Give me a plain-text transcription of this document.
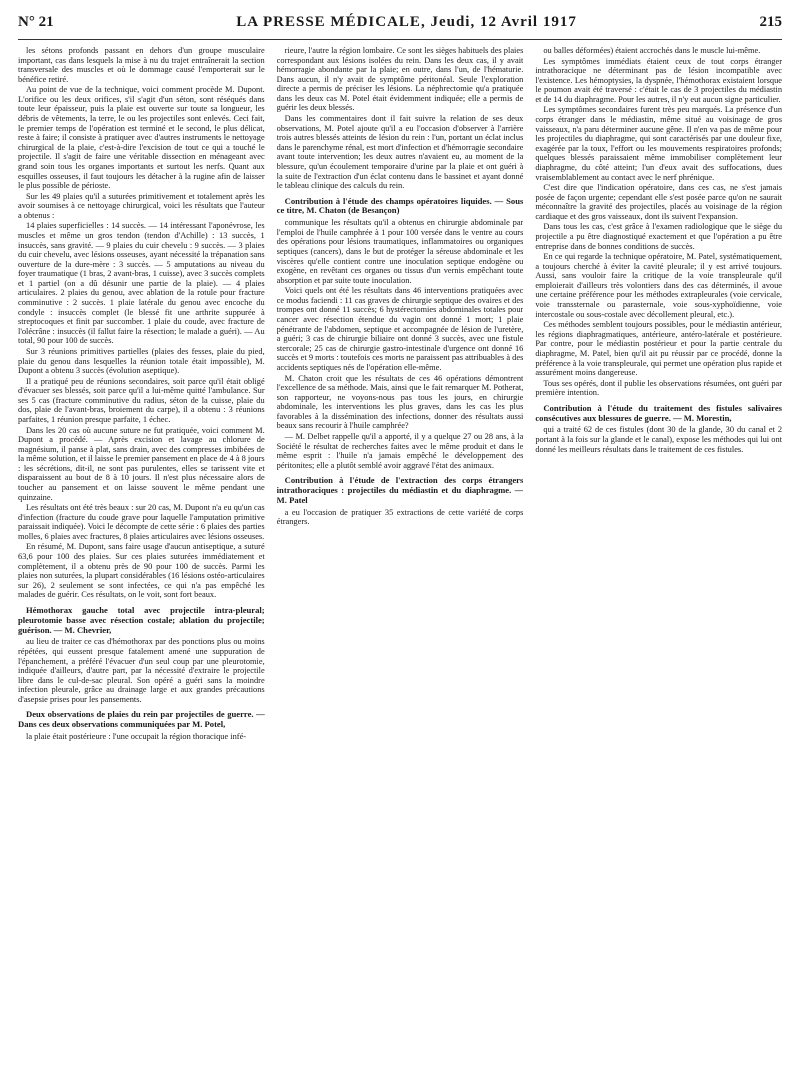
N° 21	LA PRESSE MÉDICALE, Jeudi, 12 Avril 1917	215

les sétons profonds passant en dehors d'un groupe musculaire important, cas dans lesquels la mise à nu du trajet entraînerait la section transversale des muscles et où le dommage causé l'emporterait sur le bénéfice retiré.

Au point de vue de la technique, voici comment procède M. Dupont. L'orifice ou les deux orifices, s'il s'agit d'un séton, sont réséqués dans toute leur épaisseur, puis la plaie est ouverte sur toute sa longueur, les débris de vêtements, la terre, le ou les projectiles sont enlevés. Ceci fait, le premier temps de l'opération est terminé et le second, le plus délicat, reste à faire; il consiste à pratiquer avec d'autres instruments le nettoyage chirurgical de la plaie, c'est-à-dire l'excision de tout ce qui a touché le projectile. Il s'agit de faire une véritable dissection en ménageant avec grand soin tous les organes importants et surtout les nerfs. Quant aux esquilles osseuses, il faut toujours les détacher à la rugine afin de laisser le plus possible de périoste.

Sur les 49 plaies qu'il a suturées primitivement et totalement après les avoir soumises à ce nettoyage chirurgical, voici les résultats que l'auteur a obtenus :

14 plaies superficielles : 14 succès. — 14 intéressant l'aponévrose, les muscles et même un gros tendon (tendon d'Achille) : 13 succès, 1 insuccès, sans gravité. — 9 plaies du cuir chevelu : 9 succès. — 3 plaies du cuir chevelu, avec lésions osseuses, ayant nécessité la trépanation sans ouverture de la dure-mère : 3 succès. — 5 amputations au niveau du foyer traumatique (1 bras, 2 avant-bras, 1 cuisse), avec 3 succès complets et 1 partiel (on a dû désunir une partie de la plaie). — 4 plaies articulaires. 2 plaies du genou, avec ablation de la rotule pour fracture comminutive : 2 succès. 1 plaie latérale du genou avec encoche du condyle : insuccès complet (le blessé fit une arthrite suppurée à streptocoques et finit par succomber. 1 plaie du coude, avec fracture de l'olécrâne : insuccès (il fallut faire la résection; le malade a guéri). — Au total, 90 pour 100 de succès.

Sur 3 réunions primitives partielles (plaies des fesses, plaie du pied, plaie du genou dans lesquelles la réunion totale était impossible), M. Dupont a obtenu 3 succès (évolution aseptique).

Il a pratiqué peu de réunions secondaires, soit parce qu'il était obligé d'évacuer ses blessés, soit parce qu'il a lui-même quitté l'ambulance. Sur ses 5 cas (fracture comminutive du radius, séton de la cuisse, plaie du dos, plaie de l'avant-bras, broiement du carpe), il a obtenu : 3 réunions parfaites, 1 réunion presque parfaite, 1 échec.

Dans les 20 cas où aucune suture ne fut pratiquée, voici comment M. Dupont a procédé. — Après excision et lavage au chlorure de magnésium, il panse à plat, sans drain, avec des compresses imbibées de la même solution, et il laisse le premier pansement en place de 4 à 8 jours : les sécrétions, dit-il, ne sont pas purulentes, elles se tarissent vite et disparaissent au bout de 8 à 10 jours. Il n'est plus nécessaire alors de toucher au pansement et on laisse souvent le même pendant une quinzaine.

Les résultats ont été très beaux : sur 20 cas, M. Dupont n'a eu qu'un cas d'infection (fracture du coude grave pour laquelle l'amputation primitive paraissait indiquée). Voici le décompte de cette série : 6 plaies des parties molles, 6 plaies avec fractures, 8 plaies articulaires avec lésions osseuses.

En résumé, M. Dupont, sans faire usage d'aucun antiseptique, a suturé 63,6 pour 100 des plaies. Sur ces plaies suturées immédiatement et complètement, il a obtenu près de 90 pour 100 de succès. Parmi les plaies non suturées, la plupart considérables (16 lésions ostéo-articulaires sur 26), 2 seulement se sont infectées, ce qui n'a pas empêché les malades de guérir. Ces résultats, on le voit, sont fort beaux.

Hémothorax gauche total avec projectile intra-pleural; pleurotomie basse avec résection costale; ablation du projectile; guérison. — M. Chevrier,

au lieu de traiter ce cas d'hémothorax par des ponctions plus ou moins répétées, qui eussent presque fatalement amené une suppuration de l'épanchement, a préféré l'évacuer d'un seul coup par une pleurotomie, indiquée d'ailleurs, d'autre part, par la nécessité d'extraire le projectile libre dans le cul-de-sac pleural. Son opéré a guéri sans la moindre infection pleurale, grâce au drainage large et aux grandes précautions d'asepsie prises pour les pansements.

Deux observations de plaies du rein par projectiles de guerre. — Dans ces deux observations communiquées par M. Potel,

la plaie était postérieure : l'une occupait la région thoracique infé-

rieure, l'autre la région lombaire. Ce sont les sièges habituels des plaies correspondant aux lésions isolées du rein. Dans les deux cas, il y avait hémorragie abondante par la plaie; en outre, dans l'un, de l'hématurie. Dans aucun, il n'y avait de symptôme péritonéal. Seule l'exploration directe a permis de préciser les lésions. La néphrectomie qu'a pratiquée dans les deux cas M. Potel était évidemment indiquée; elle a permis de guérir les deux blessés.

Dans les commentaires dont il fait suivre la relation de ses deux observations, M. Potel ajoute qu'il a eu l'occasion d'observer à l'arrière trois autres blessés atteints de lésion du rein : l'un, portant un éclat inclus dans le parenchyme rénal, est mort d'infection et d'hémorragie secondaire avant toute intervention; les deux autres n'avaient eu, au moment de la blessure, qu'un écoulement temporaire d'urine par la plaie et ont guéri à la suite de l'extraction d'un éclat contenu dans le bassinet et ayant donné le tableau clinique des calculs du rein.

Contribution à l'étude des champs opératoires liquides. — Sous ce titre, M. Chaton (de Besançon)

communique les résultats qu'il a obtenus en chirurgie abdominale par l'emploi de l'huile camphrée à 1 pour 100 versée dans le ventre au cours des opérations pour lésions traumatiques, inflammatoires ou organiques septiques (cancers), dans le but de protéger la séreuse abdominale et les viscères qu'elle contient contre une inoculation septique endogène ou exogène, en revêtant ces organes ou tissus d'un vernis empêchant toute absorption et par suite toute inoculation.

Voici quels ont été les résultats dans 46 interventions pratiquées avec ce modus faciendi : 11 cas graves de chirurgie septique des ovaires et des trompes ont donné 11 succès; 6 hystérectomies abdominales totales pour cancer avec résection étendue du vagin ont donné 1 mort; 1 plaie pénétrante de l'abdomen, septique et accompagnée de lésion de l'uretère, a guéri; 3 cas de chirurgie biliaire ont donné 3 succès, avec une fistule stercorale; 25 cas de chirurgie gastro-intestinale d'urgence ont donné 16 succès et 9 morts : toutefois ces morts ne paraissent pas attribuables à des accidents septiques nés de l'opération elle-même.

M. Chaton croit que les résultats de ces 46 opérations démontrent l'excellence de sa méthode. Mais, ainsi que le fait remarquer M. Potherat, son rapporteur, ne voyons-nous pas tous les jours, en chirurgie abdominale, les interventions les plus graves, dans les cas les plus favorables à la dissémination des infections, donner des résultats aussi beaux sans recourir à l'huile camphrée?

— M. Delbet rappelle qu'il a apporté, il y a quelque 27 ou 28 ans, à la Société le résultat de recherches faites avec le même produit et dans le même esprit : l'huile n'a jamais empêché le développement des péritonites; elle a plutôt semblé avoir aggravé l'état des animaux.

Contribution à l'étude de l'extraction des corps étrangers intrathoraciques : projectiles du médiastin et du diaphragme. — M. Patel

a eu l'occasion de pratiquer 35 extractions de cette variété de corps étrangers.

ou balles déformées) étaient accrochés dans le muscle lui-même.

Les symptômes immédiats étaient ceux de tout corps étranger intrathoracique ne déterminant pas de lésion incompatible avec l'existence. Les hémoptysies, la dyspnée, l'hémothorax existaient lorsque le poumon avait été traversé : c'était le cas de 3 projectiles du médiastin et de 14 du diaphragme. Pour les autres, il n'y eut aucun signe particulier.

Les symptômes secondaires furent très peu marqués. La présence d'un corps étranger dans le médiastin, même situé au voisinage de gros vaisseaux, n'a paru déterminer aucune gêne. Il n'en va pas de même pour les projectiles du diaphragme, qui sont caractérisés par une douleur fixe, exagérée par la toux, l'effort ou les mouvements respiratoires profonds; quelques blessés paraissaient même immobiliser complètement leur diaphragme, du côté atteint; l'un d'eux avait des suffocations, dues vraisemblablement au contact avec le nerf phrénique.

C'est dire que l'indication opératoire, dans ces cas, ne s'est jamais posée de façon urgente; cependant elle s'est posée parce qu'on ne saurait méconnaître la gravité des projectiles, placés au voisinage de la région cardiaque et des gros vaisseaux, dont ils suivent l'expansion.

Dans tous les cas, c'est grâce à l'examen radiologique que le siège du projectile a pu être diagnostiqué exactement et que l'opération a pu être entreprise dans de bonnes conditions de succès.

En ce qui regarde la technique opératoire, M. Patel, systématiquement, a toujours cherché à éviter la cavité pleurale; il y est arrivé toujours. Aussi, sans vouloir faire la critique de la voie transpleurale qu'il emploierait d'ailleurs très volontiers dans des cas déterminés, il avoue une certaine préférence pour les méthodes extrapleurales (voie cervicale, voie transsternale ou parasternale, voie sous-xyphoïdienne, voie intercostale ou sous-costale avec décollement pleural, etc.).

Ces méthodes semblent toujours possibles, pour le médiastin antérieur, les régions diaphragmatiques, antérieure, antéro-latérale et postérieure. Par contre, pour le médiastin postérieur et pour la partie centrale du diaphragme, M. Patel, bien qu'il ait pu réussir par ce procédé, donne la préférence à la voie transpleurale, qui permet une opération plus rapide et assurément moins dangereuse.

Tous ses opérés, dont il publie les observations résumées, ont guéri par première intention.

Contribution à l'étude du traitement des fistules salivaires consécutives aux blessures de guerre. — M. Morestin,

qui a traité 62 de ces fistules (dont 30 de la glande, 30 du canal et 2 portant à la fois sur la glande et le canal), expose les méthodes qui lui ont donné les meilleurs résultats dans le traitement de ces fistules.
